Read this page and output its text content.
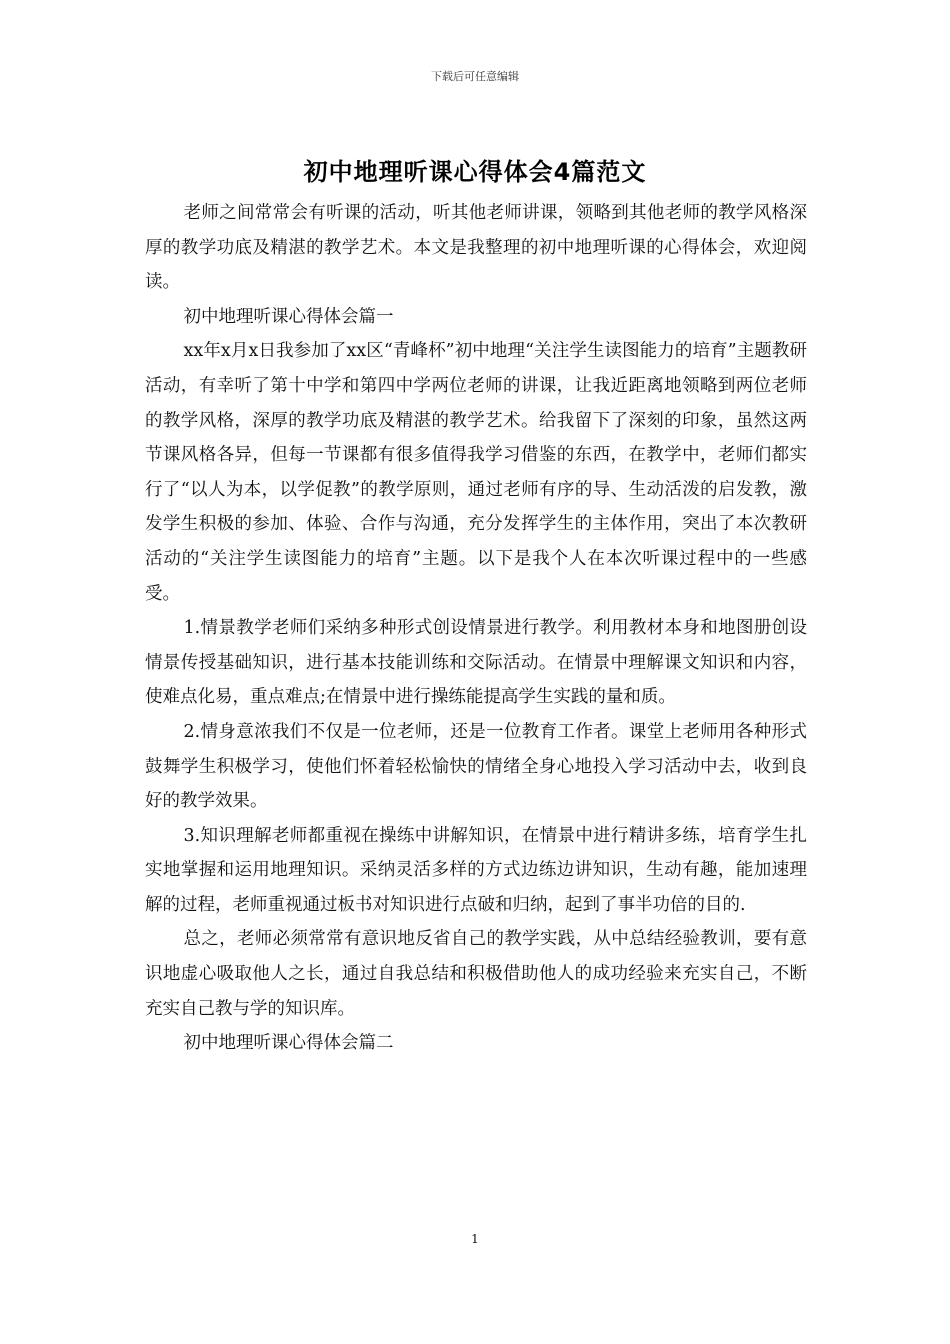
下载后可任意编辑
初中地理听课心得体会4篇范文

老师之间常常会有听课的活动，听其他老师讲课，领略到其他老师的教学风格深厚的教学功底及精湛的教学艺术。本文是我整理的初中地理听课的心得体会，欢迎阅读。

初中地理听课心得体会篇一

xx年x月x日我参加了xx区“青峰杯”初中地理“关注学生读图能力的培育”主题教研活动，有幸听了第十中学和第四中学两位老师的讲课，让我近距离地领略到两位老师的教学风格，深厚的教学功底及精湛的教学艺术。给我留下了深刻的印象，虽然这两节课风格各异，但每一节课都有很多值得我学习借鉴的东西，在教学中，老师们都实行了“以人为本，以学促教”的教学原则，通过老师有序的导、生动活泼的启发教，激发学生积极的参加、体验、合作与沟通，充分发挥学生的主体作用，突出了本次教研活动的“关注学生读图能力的培育”主题。以下是我个人在本次听课过程中的一些感受。

1.情景教学老师们采纳多种形式创设情景进行教学。利用教材本身和地图册创设情景传授基础知识，进行基本技能训练和交际活动。在情景中理解课文知识和内容，使难点化易，重点难点;在情景中进行操练能提高学生实践的量和质。

2.情身意浓我们不仅是一位老师，还是一位教育工作者。课堂上老师用各种形式鼓舞学生积极学习，使他们怀着轻松愉快的情绪全身心地投入学习活动中去，收到良好的教学效果。

3.知识理解老师都重视在操练中讲解知识，在情景中进行精讲多练，培育学生扎实地掌握和运用地理知识。采纳灵活多样的方式边练边讲知识，生动有趣，能加速理解的过程，老师重视通过板书对知识进行点破和归纳，起到了事半功倍的目的.

总之，老师必须常常有意识地反省自己的教学实践，从中总结经验教训，要有意识地虚心吸取他人之长，通过自我总结和积极借助他人的成功经验来充实自己，不断充实自己教与学的知识库。

初中地理听课心得体会篇二

1
